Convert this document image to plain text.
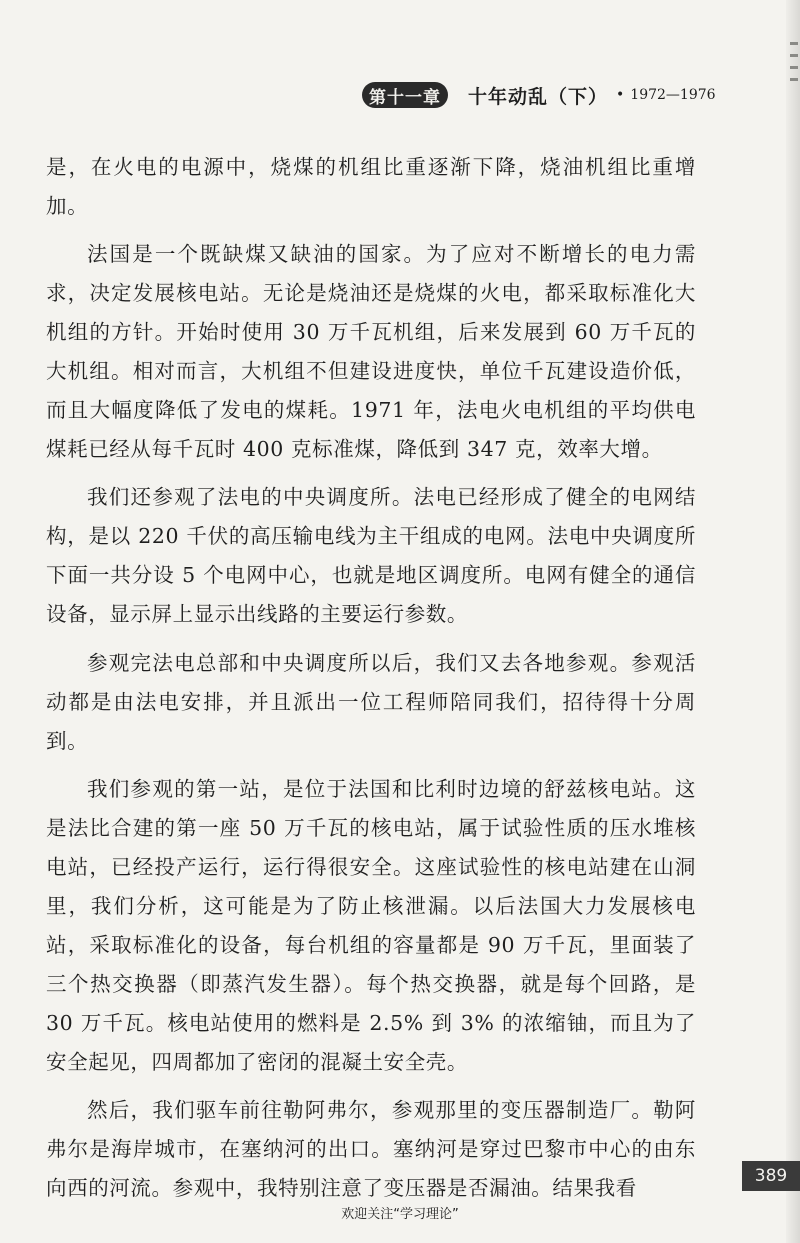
第十一章	十年动乱（下） • 1972—1976

是，在火电的电源中，烧煤的机组比重逐渐下降，烧油机组比重增加。

法国是一个既缺煤又缺油的国家。为了应对不断增长的电力需求，决定发展核电站。无论是烧油还是烧煤的火电，都采取标准化大机组的方针。开始时使用 30 万千瓦机组，后来发展到 60 万千瓦的大机组。相对而言，大机组不但建设进度快，单位千瓦建设造价低，而且大幅度降低了发电的煤耗。1971 年，法电火电机组的平均供电煤耗已经从每千瓦时 400 克标准煤，降低到 347 克，效率大增。

我们还参观了法电的中央调度所。法电已经形成了健全的电网结构，是以 220 千伏的高压输电线为主干组成的电网。法电中央调度所下面一共分设 5 个电网中心，也就是地区调度所。电网有健全的通信设备，显示屏上显示出线路的主要运行参数。

参观完法电总部和中央调度所以后，我们又去各地参观。参观活动都是由法电安排，并且派出一位工程师陪同我们，招待得十分周到。

我们参观的第一站，是位于法国和比利时边境的舒兹核电站。这是法比合建的第一座 50 万千瓦的核电站，属于试验性质的压水堆核电站，已经投产运行，运行得很安全。这座试验性的核电站建在山洞里，我们分析，这可能是为了防止核泄漏。以后法国大力发展核电站，采取标准化的设备，每台机组的容量都是 90 万千瓦，里面装了三个热交换器（即蒸汽发生器）。每个热交换器，就是每个回路，是 30 万千瓦。核电站使用的燃料是 2.5% 到 3% 的浓缩铀，而且为了安全起见，四周都加了密闭的混凝土安全壳。

然后，我们驱车前往勒阿弗尔，参观那里的变压器制造厂。勒阿弗尔是海岸城市，在塞纳河的出口。塞纳河是穿过巴黎市中心的由东向西的河流。参观中，我特别注意了变压器是否漏油。结果我看	389
欢迎关注“学习理论”
